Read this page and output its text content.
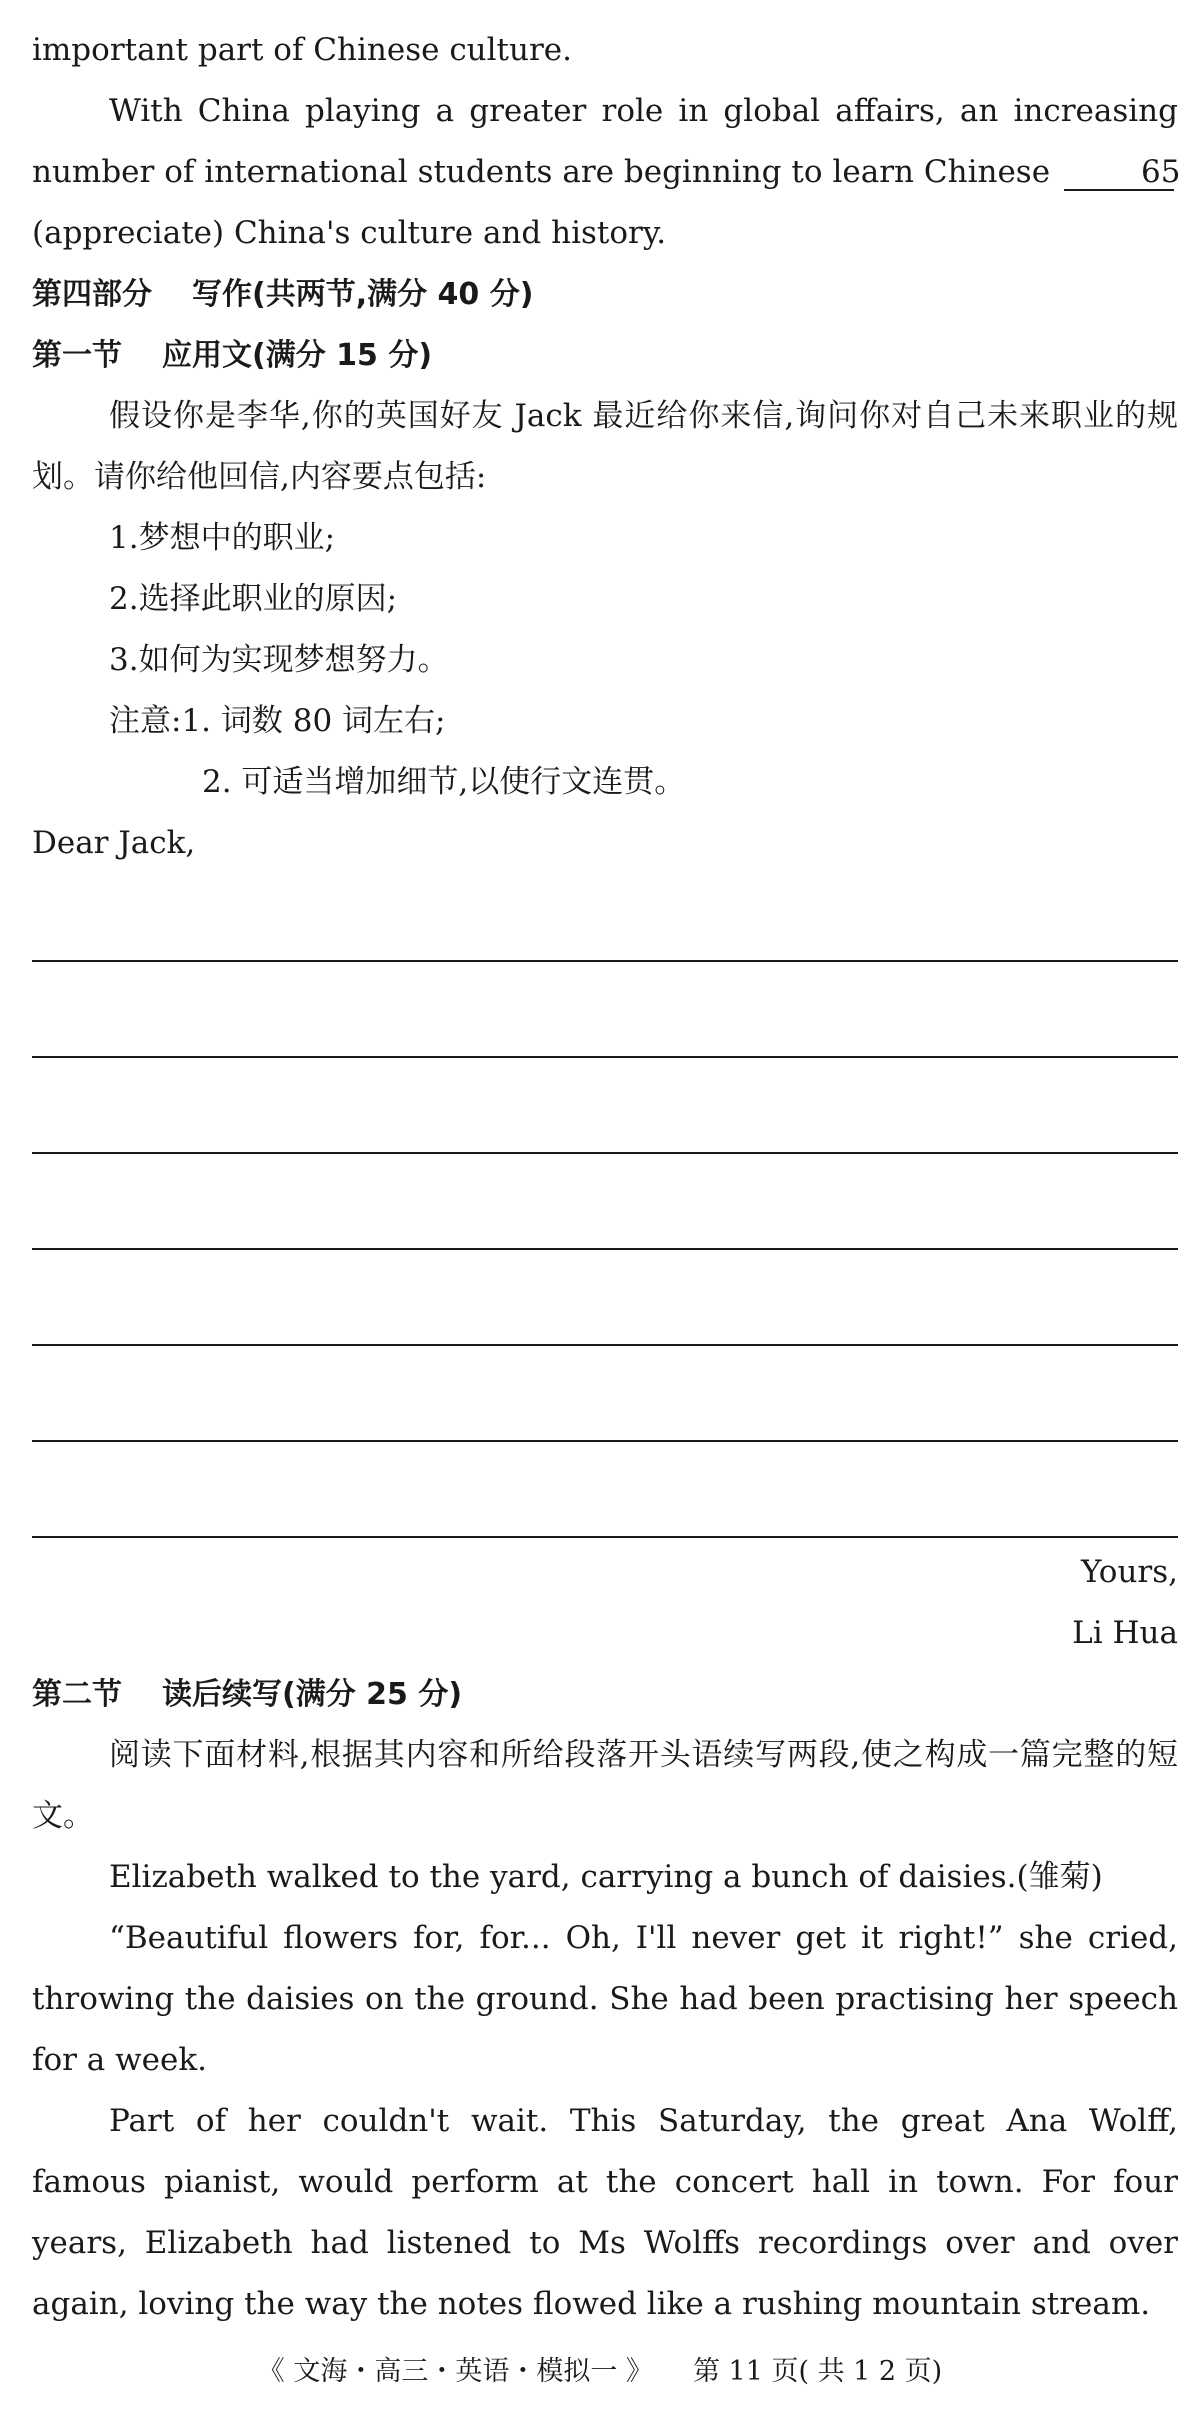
important part of Chinese culture.

With China playing a greater role in global affairs, an increasing number of international students are beginning to learn Chinese	65 (appreciate) China's culture and history.

第四部分 写作(共两节,满分 40 分)

第一节 应用文(满分 15 分)

假设你是李华,你的英国好友 Jack 最近给你来信,询问你对自己未来职业的规划。请你给他回信,内容要点包括:

1.梦想中的职业;

2.选择此职业的原因;

3.如何为实现梦想努力。

注意:1. 词数 80 词左右;

2. 可适当增加细节,以使行文连贯。

Dear Jack,

Yours,

Li Hua

第二节 读后续写(满分 25 分)

阅读下面材料,根据其内容和所给段落开头语续写两段,使之构成一篇完整的短文。

Elizabeth walked to the yard, carrying a bunch of daisies.(雏菊)

“Beautiful flowers for, for... Oh, I'll never get it right!” she cried, throwing the daisies on the ground. She had been practising her speech for a week.

Part of her couldn't wait. This Saturday, the great Ana Wolff, famous pianist, would perform at the concert hall in town. For four years, Elizabeth had listened to Ms Wolffs recordings over and over again, loving the way the notes flowed like a rushing mountain stream.

《 文海・高三・英语・模拟一 》 第 11 页( 共 1 2 页)
